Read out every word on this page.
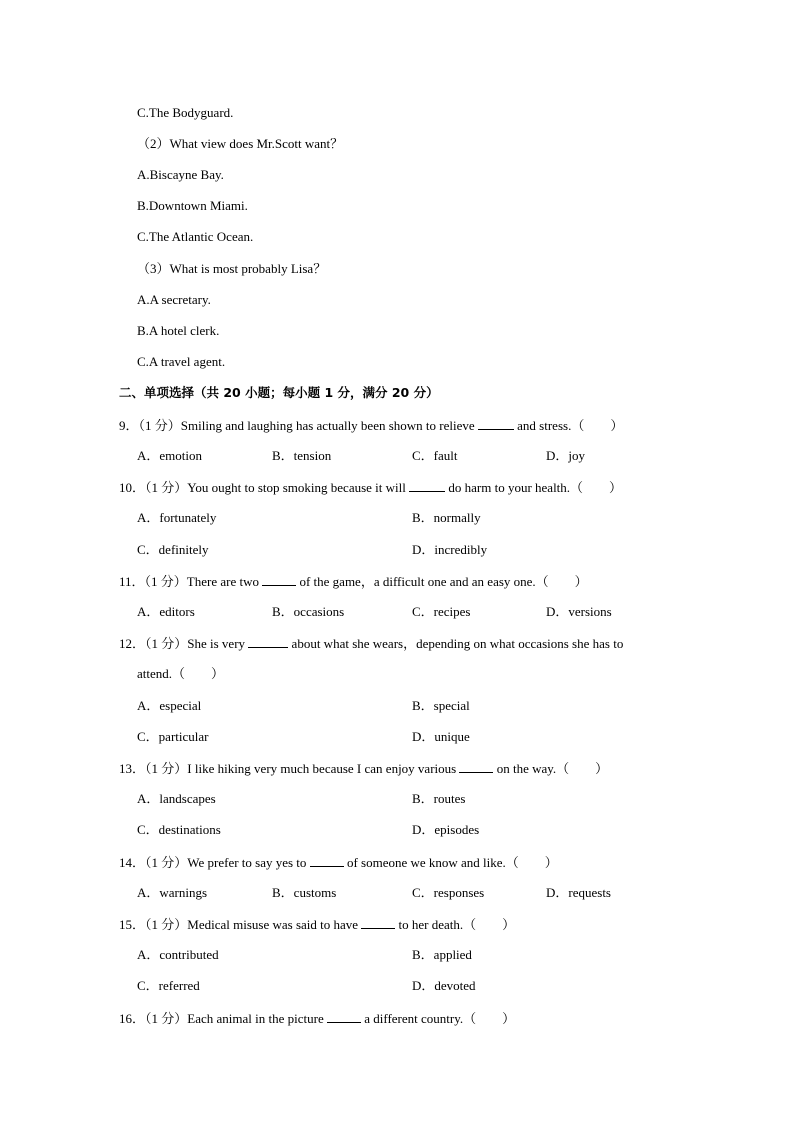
C.The Bodyguard.
（2）What view does Mr.Scott want？
A.Biscayne Bay.
B.Downtown Miami.
C.The Atlantic Ocean.
（3）What is most probably Lisa？
A.A secretary.
B.A hotel clerk.
C.A travel agent.
二、单项选择（共 20 小题；每小题 1 分，满分 20 分）
9．（1 分）Smiling and laughing has actually been shown to relieve	and stress.（　　）
A．emotion	B．tension	C．fault	D．joy
10．（1 分）You ought to stop smoking because it will	do harm to your health.（　　）
A．fortunately	B．normally
C．definitely	D．incredibly
11．（1 分）There are two	of the game，a difficult one and an easy one.（　　）
A．editors	B．occasions	C．recipes	D．versions
12．（1 分）She is very	about what she wears，depending on what occasions she has to
attend.（　　）
A．especial	B．special
C．particular	D．unique
13．（1 分）I like hiking very much because I can enjoy various	on the way.（　　）
A．landscapes	B．routes
C．destinations	D．episodes
14．（1 分）We prefer to say yes to	of someone we know and like.（　　）
A．warnings	B．customs	C．responses	D．requests
15．（1 分）Medical misuse was said to have	to her death.（　　）
A．contributed	B．applied
C．referred	D．devoted
16．（1 分）Each animal in the picture	a different country.（　　）
